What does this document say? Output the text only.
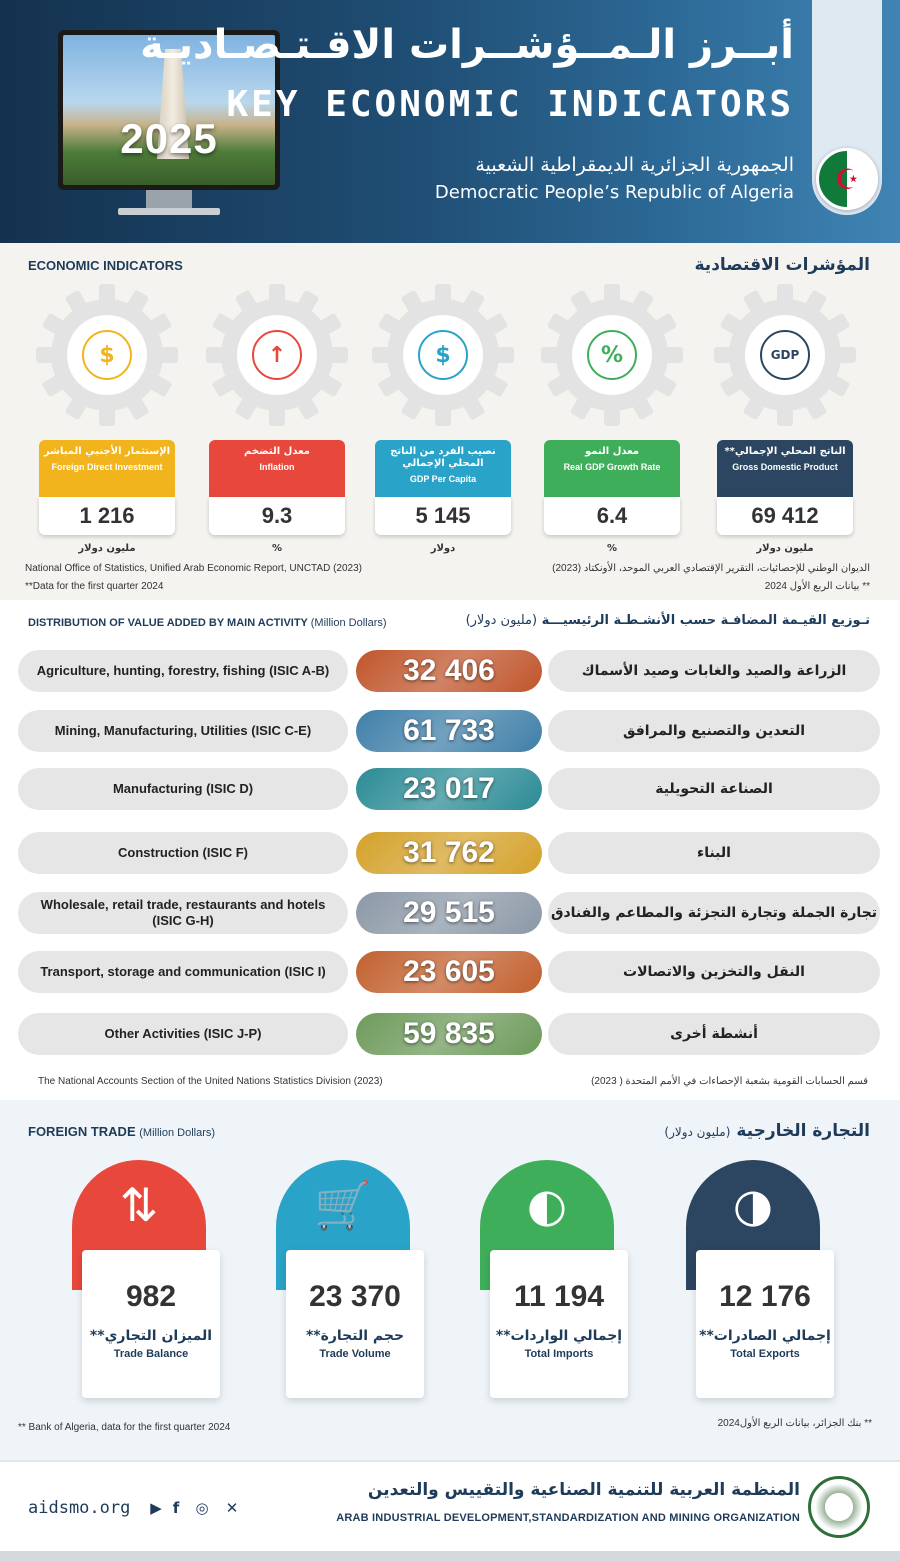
☪
2025
أبــرز الـمــؤشــرات الاقـتـصـاديـة
KEY ECONOMIC INDICATORS
الجمهورية الجزائرية الديمقراطية الشعبية
Democratic People’s Republic of Algeria
ECONOMIC INDICATORS	المؤشرات الاقتصادية
$	↑	$	%	GDP
الإستثمار الأجنبي المباشر
Foreign Direct Investment
1 216
مليون دولار
معدل التضخم
Inflation
9.3
%
نصيب الفرد من الناتج المحلي الإجمالي
GDP Per Capita
5 145
دولار
معدل النمو
Real GDP Growth Rate
6.4
%
الناتج المحلي الإجمالي**
Gross Domestic Product
69 412
مليون دولار
National Office of Statistics, Unified Arab Economic Report, UNCTAD (2023)
**Data for the first quarter 2024
الديوان الوطني للإحصائيات، التقرير الإقتصادي العربي الموحد، الأونكتاد (2023)
** بيانات الربع الأول 2024
DISTRIBUTION OF VALUE ADDED BY MAIN ACTIVITY (Million Dollars)	تـوزيع القيـمة المضافـة حسب الأنشـطـة الرئيسيـــة (مليون دولار)
Agriculture, hunting, forestry, fishing (ISIC A-B)	32 406	الزراعة والصيد والغابات وصيد الأسماك
Mining, Manufacturing, Utilities (ISIC C-E)	61 733	التعدين والتصنيع والمرافق
Manufacturing (ISIC D)	23 017	الصناعة التحويلية
Construction (ISIC F)	31 762	البناء
Wholesale, retail trade, restaurants and hotels (ISIC G-H)	29 515	تجارة الجملة وتجارة التجزئة والمطاعم والفنادق
Transport, storage and communication (ISIC I)	23 605	النقل والتخزين والاتصالات
Other Activities (ISIC J-P)	59 835	أنشطة أخرى
The National Accounts Section of the United Nations Statistics Division (2023)	قسم الحسابات القومية بشعبة الإحصاءات في الأمم المتحدة ( 2023)
FOREIGN TRADE (Million Dollars)	التجارة الخارجية (مليون دولار)
⇅
982
الميزان التجاري**
Trade Balance
🛒
23 370
حجم التجارة**
Trade Volume
◐
11 194
إجمالي الواردات**
Total Imports
◑
12 176
إجمالي الصادرات**
Total Exports
** Bank of Algeria, data for the first quarter 2024	** بنك الجزائر، بيانات الربع الأول2024
aidsmo.org ▶ f	◎ ✕
المنظمة العربية للتنمية الصناعية والتقييس والتعدين
ARAB INDUSTRIAL DEVELOPMENT,STANDARDIZATION AND MINING ORGANIZATION
